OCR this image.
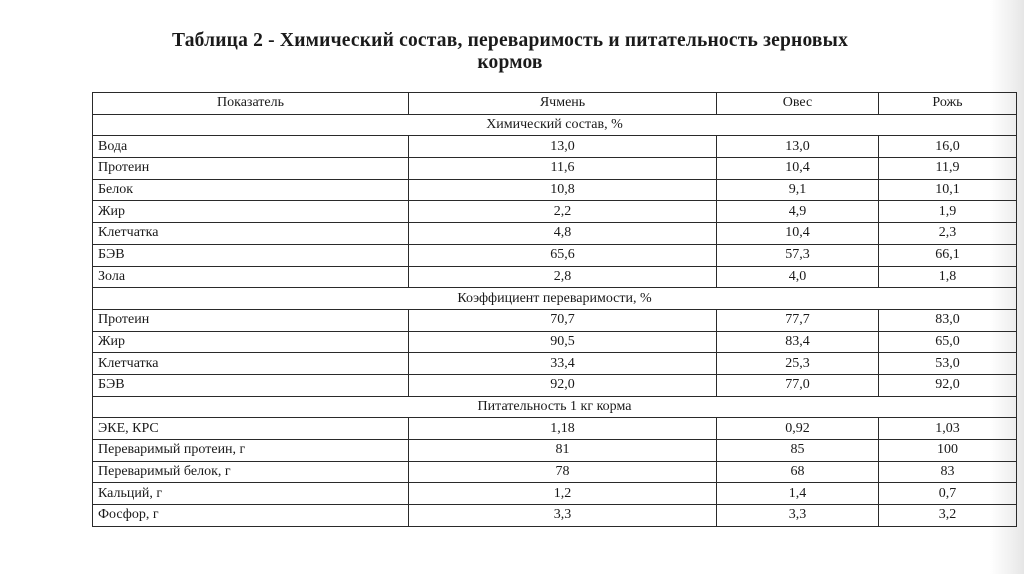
Таблица 2 - Химический состав, переваримость и питательность зерновых
кормов
Показатель	Ячмень	Овес	Рожь
Химический состав, %			
Вода	13,0	13,0	16,0
Протеин	11,6	10,4	11,9
Белок	10,8	9,1	10,1
Жир	2,2	4,9	1,9
Клетчатка	4,8	10,4	2,3
БЭВ	65,6	57,3	66,1
Зола	2,8	4,0	1,8
Коэффициент переваримости, %			
Протеин	70,7	77,7	83,0
Жир	90,5	83,4	65,0
Клетчатка	33,4	25,3	53,0
БЭВ	92,0	77,0	92,0
Питательность 1 кг корма			
ЭКЕ, КРС	1,18	0,92	1,03
Переваримый протеин, г	81	85	100
Переваримый белок, г	78	68	83
Кальций, г	1,2	1,4	0,7
Фосфор, г	3,3	3,3	3,2
